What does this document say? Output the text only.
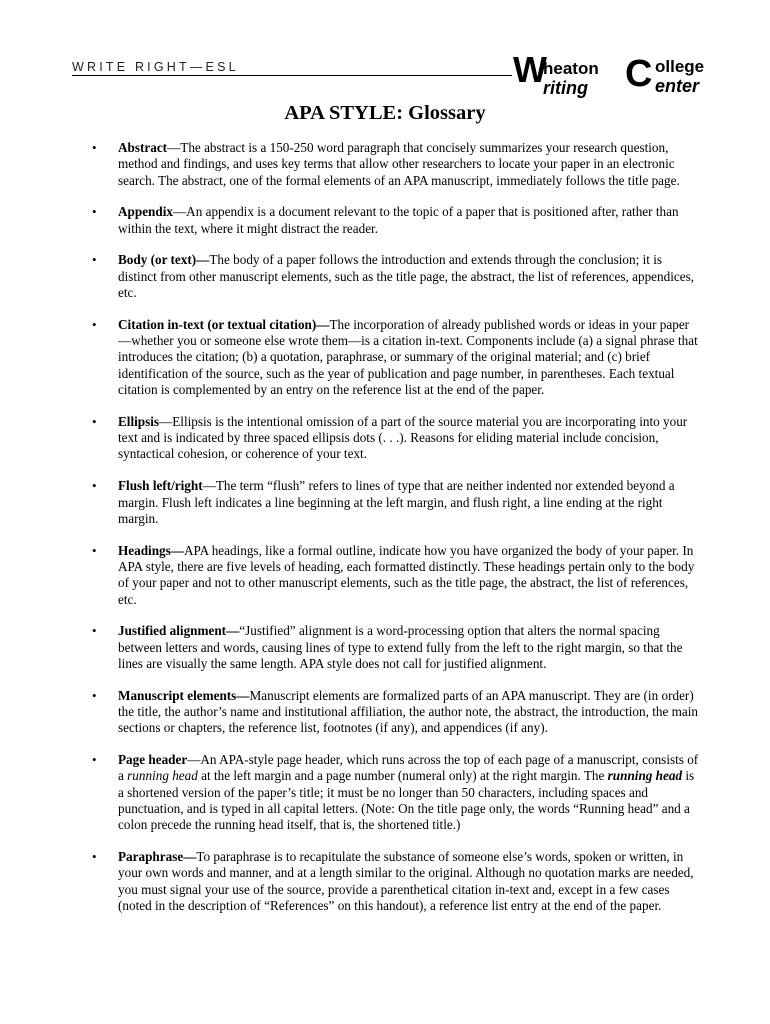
WRITE RIGHT—ESL	W
heaton
riting C ollege
enter
APA STYLE: Glossary
• Abstract—The abstract is a 150-250 word paragraph that concisely summarizes your research question, method and findings, and uses key terms that allow other researchers to locate your paper in an electronic search. The abstract, one of the formal elements of an APA manuscript, immediately follows the title page.
• Appendix—An appendix is a document relevant to the topic of a paper that is positioned after, rather than within the text, where it might distract the reader.
• Body (or text)—The body of a paper follows the introduction and extends through the conclusion; it is distinct from other manuscript elements, such as the title page, the abstract, the list of references, appendices, etc.
• Citation in-text (or textual citation)—The incorporation of already published words or ideas in your paper—whether you or someone else wrote them—is a citation in-text. Components include (a) a signal phrase that introduces the citation; (b) a quotation, paraphrase, or summary of the original material; and (c) brief identification of the source, such as the year of publication and page number, in parentheses. Each textual citation is complemented by an entry on the reference list at the end of the paper.
• Ellipsis—Ellipsis is the intentional omission of a part of the source material you are incorporating into your text and is indicated by three spaced ellipsis dots (. . .). Reasons for eliding material include concision, syntactical cohesion, or coherence of your text.
• Flush left/right—The term “flush” refers to lines of type that are neither indented nor extended beyond a margin. Flush left indicates a line beginning at the left margin, and flush right, a line ending at the right margin.
• Headings—APA headings, like a formal outline, indicate how you have organized the body of your paper. In APA style, there are five levels of heading, each formatted distinctly. These headings pertain only to the body of your paper and not to other manuscript elements, such as the title page, the abstract, the list of references, etc.
• Justified alignment—“Justified” alignment is a word-processing option that alters the normal spacing between letters and words, causing lines of type to extend fully from the left to the right margin, so that the lines are visually the same length. APA style does not call for justified alignment.
• Manuscript elements—Manuscript elements are formalized parts of an APA manuscript. They are (in order) the title, the author’s name and institutional affiliation, the author note, the abstract, the introduction, the main sections or chapters, the reference list, footnotes (if any), and appendices (if any).
• Page header—An APA-style page header, which runs across the top of each page of a manuscript, consists of a running head at the left margin and a page number (numeral only) at the right margin. The running head is a shortened version of the paper’s title; it must be no longer than 50 characters, including spaces and punctuation, and is typed in all capital letters. (Note: On the title page only, the words “Running head” and a colon precede the running head itself, that is, the shortened title.)
• Paraphrase—To paraphrase is to recapitulate the substance of someone else’s words, spoken or written, in your own words and manner, and at a length similar to the original. Although no quotation marks are needed, you must signal your use of the source, provide a parenthetical citation in-text and, except in a few cases (noted in the description of “References” on this handout), a reference list entry at the end of the paper.
